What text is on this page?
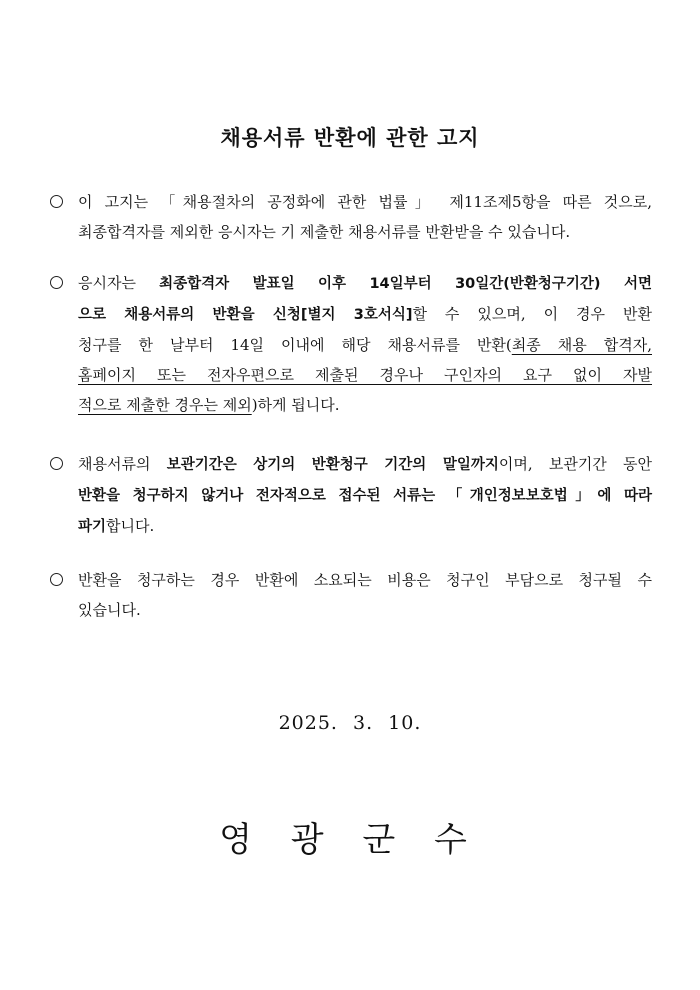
채용서류 반환에 관한 고지
이 고지는 「채용절차의 공정화에 관한 법률」 제11조제5항을 따른 것으로,
최종합격자를 제외한 응시자는 기 제출한 채용서류를 반환받을 수 있습니다.
응시자는 최종합격자 발표일 이후 14일부터 30일간(반환청구기간) 서면
으로 채용서류의 반환을 신청[별지 3호서식]할 수 있으며, 이 경우 반환
청구를 한 날부터 14일 이내에 해당 채용서류를 반환(최종 채용 합격자,
홈페이지 또는 전자우편으로 제출된 경우나 구인자의 요구 없이 자발
적으로 제출한 경우는 제외)하게 됩니다.
채용서류의 보관기간은 상기의 반환청구 기간의 말일까지이며, 보관기간 동안
반환을 청구하지 않거나 전자적으로 접수된 서류는 「개인정보보호법」에 따라
파기합니다.
반환을 청구하는 경우 반환에 소요되는 비용은 청구인 부담으로 청구될 수
있습니다.
2025. 3. 10.
영 광 군 수
